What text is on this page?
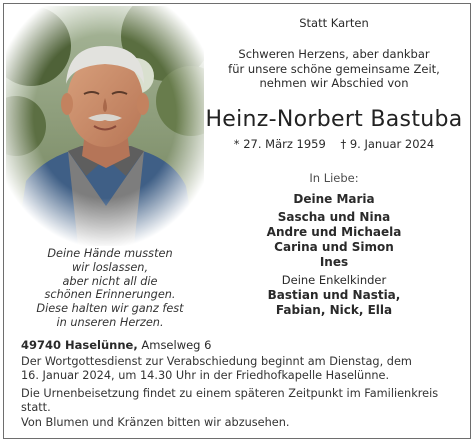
Statt Karten
Schweren Herzens, aber dankbar
für unsere schöne gemeinsame Zeit,
nehmen wir Abschied von
Heinz-Norbert Bastuba
* 27. März 1959 † 9. Januar 2024
In Liebe:
Deine Maria
Sascha und Nina
Andre und Michaela
Carina und Simon
Ines
Deine Enkelkinder
Bastian und Nastia,
Fabian, Nick, Ella
Deine Hände mussten
wir loslassen,
aber nicht all die
schönen Erinnerungen.
Diese halten wir ganz fest
in unseren Herzen.
49740 Haselünne, Amselweg 6
Der Wortgottesdienst zur Verabschiedung beginnt am Dienstag, dem
16. Januar 2024, um 14.30 Uhr in der Friedhofkapelle Haselünne.
Die Urnenbeisetzung findet zu einem späteren Zeitpunkt im Familienkreis
statt.
Von Blumen und Kränzen bitten wir abzusehen.
